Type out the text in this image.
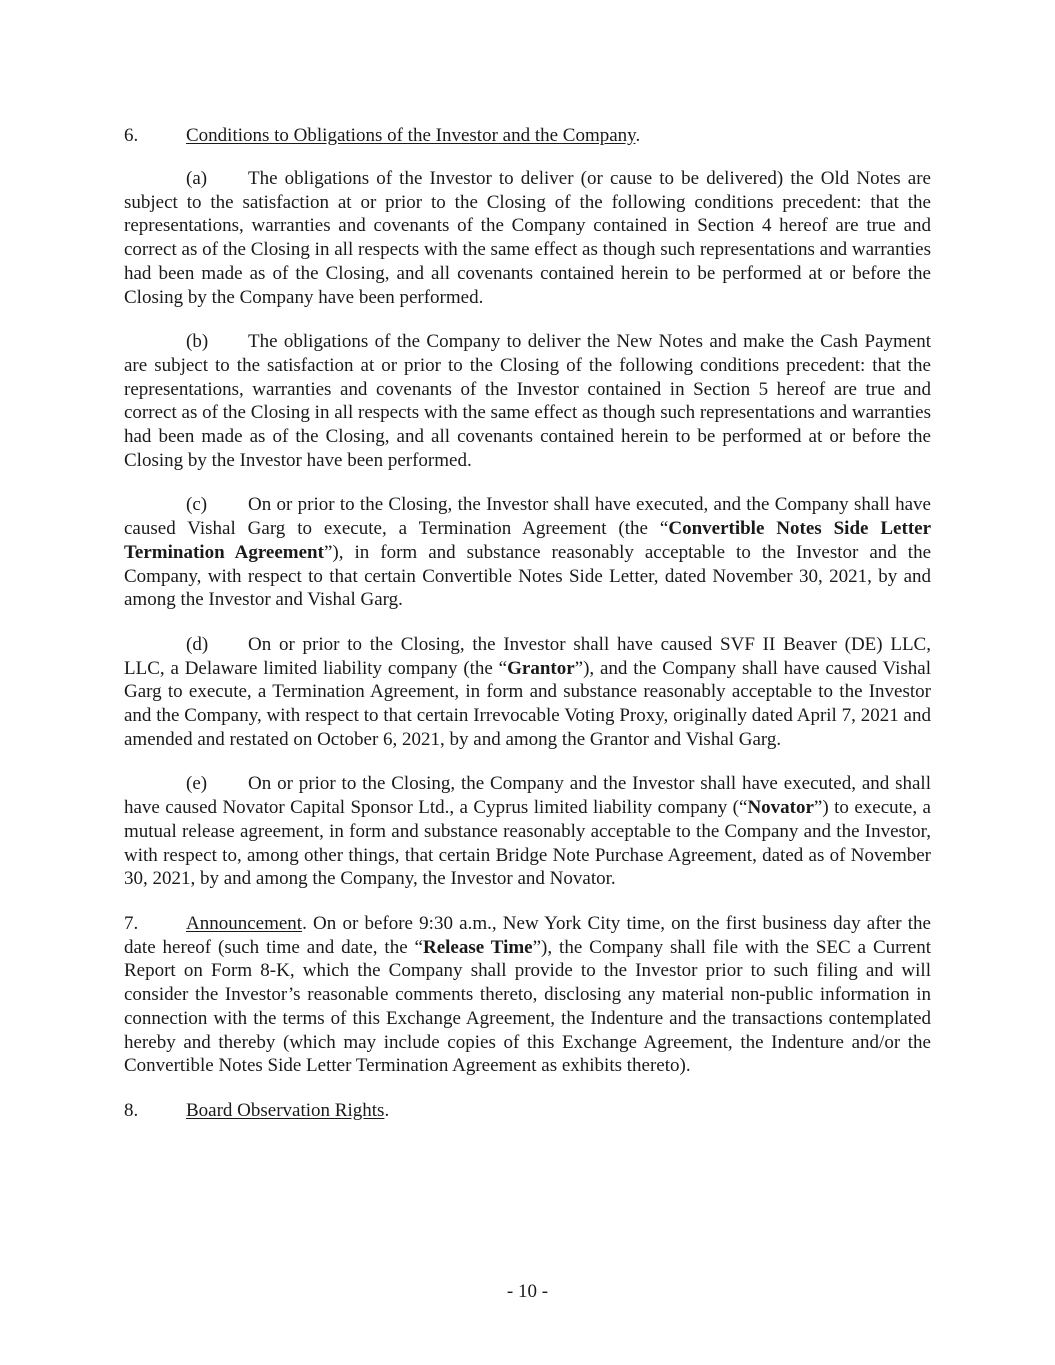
6.	Conditions to Obligations of the Investor and the Company.

(a) The obligations of the Investor to deliver (or cause to be delivered) the Old Notes are subject to the satisfaction at or prior to the Closing of the following conditions precedent: that the representations, warranties and covenants of the Company contained in Section 4 hereof are true and correct as of the Closing in all respects with the same effect as though such representations and warranties had been made as of the Closing, and all covenants contained herein to be performed at or before the Closing by the Company have been performed.

(b) The obligations of the Company to deliver the New Notes and make the Cash Payment are subject to the satisfaction at or prior to the Closing of the following conditions precedent: that the representations, warranties and covenants of the Investor contained in Section 5 hereof are true and correct as of the Closing in all respects with the same effect as though such representations and warranties had been made as of the Closing, and all covenants contained herein to be performed at or before the Closing by the Investor have been performed.

(c) On or prior to the Closing, the Investor shall have executed, and the Company shall have caused Vishal Garg to execute, a Termination Agreement (the “Convertible Notes Side Letter Termination Agreement”), in form and substance reasonably acceptable to the Investor and the Company, with respect to that certain Convertible Notes Side Letter, dated November 30, 2021, by and among the Investor and Vishal Garg.

(d) On or prior to the Closing, the Investor shall have caused SVF II Beaver (DE) LLC, LLC, a Delaware limited liability company (the “Grantor”), and the Company shall have caused Vishal Garg to execute, a Termination Agreement, in form and substance reasonably acceptable to the Investor and the Company, with respect to that certain Irrevocable Voting Proxy, originally dated April 7, 2021 and amended and restated on October 6, 2021, by and among the Grantor and Vishal Garg.

(e) On or prior to the Closing, the Company and the Investor shall have executed, and shall have caused Novator Capital Sponsor Ltd., a Cyprus limited liability company (“Novator”) to execute, a mutual release agreement, in form and substance reasonably acceptable to the Company and the Investor, with respect to, among other things, that certain Bridge Note Purchase Agreement, dated as of November 30, 2021, by and among the Company, the Investor and Novator.

7.	Announcement. On or before 9:30 a.m., New York City time, on the first business day after the date hereof (such time and date, the “Release Time”), the Company shall file with the SEC a Current Report on Form 8-K, which the Company shall provide to the Investor prior to such filing and will consider the Investor’s reasonable comments thereto, disclosing any material non-public information in connection with the terms of this Exchange Agreement, the Indenture and the transactions contemplated hereby and thereby (which may include copies of this Exchange Agreement, the Indenture and/or the Convertible Notes Side Letter Termination Agreement as exhibits thereto).

8.	Board Observation Rights.
- 10 -
